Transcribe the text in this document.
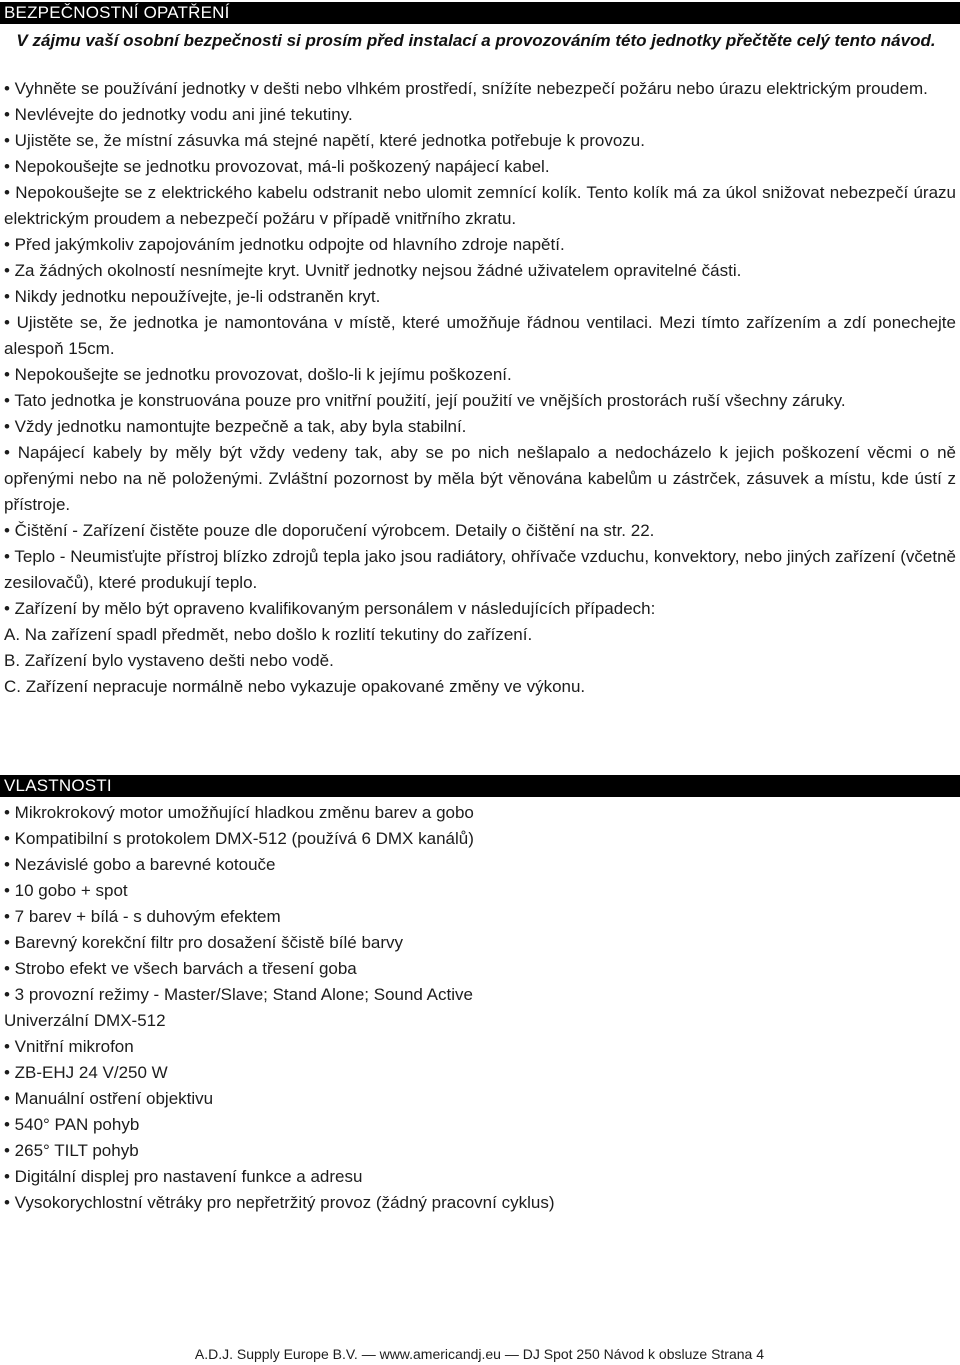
BEZPEČNOSTNÍ OPATŘENÍ
V zájmu vaší osobní bezpečnosti si prosím před instalací a provozováním této jednotky přečtěte celý tento návod.

• Vyhněte se používání jednotky v dešti nebo vlhkém prostředí, snížíte nebezpečí požáru nebo úrazu elektrickým proudem.

• Nevlévejte do jednotky vodu ani jiné tekutiny.

• Ujistěte se, že místní zásuvka má stejné napětí, které jednotka potřebuje k provozu.

• Nepokoušejte se jednotku provozovat, má-li poškozený napájecí kabel.

• Nepokoušejte se z elektrického kabelu odstranit nebo ulomit zemnící kolík. Tento kolík má za úkol snižovat nebezpečí úrazu elektrickým proudem a nebezpečí požáru v případě vnitřního zkratu.

• Před jakýmkoliv zapojováním jednotku odpojte od hlavního zdroje napětí.

• Za žádných okolností nesnímejte kryt. Uvnitř jednotky nejsou žádné uživatelem opravitelné části.

• Nikdy jednotku nepoužívejte, je-li odstraněn kryt.

• Ujistěte se, že jednotka je namontována v místě, které umožňuje řádnou ventilaci. Mezi tímto zařízením a zdí ponechejte alespoň 15cm.

• Nepokoušejte se jednotku provozovat, došlo-li k jejímu poškození.

• Tato jednotka je konstruována pouze pro vnitřní použití, její použití ve vnějších prostorách ruší všechny záruky.

• Vždy jednotku namontujte bezpečně a tak, aby byla stabilní.

• Napájecí kabely by měly být vždy vedeny tak, aby se po nich nešlapalo a nedocházelo k jejich poškození věcmi o ně opřenými nebo na ně položenými. Zvláštní pozornost by měla být věnována kabelům u zástrček, zásuvek a místu, kde ústí z přístroje.

• Čištění - Zařízení čistěte pouze dle doporučení výrobcem. Detaily o čištění na str. 22.

• Teplo - Neumisťujte přístroj blízko zdrojů tepla jako jsou radiátory, ohřívače vzduchu, konvektory, nebo jiných zařízení (včetně zesilovačů), které produkují teplo.

• Zařízení by mělo být opraveno kvalifikovaným personálem v následujících případech:

A. Na zařízení spadl předmět, nebo došlo k rozlití tekutiny do zařízení.

B. Zařízení bylo vystaveno dešti nebo vodě.

C. Zařízení nepracuje normálně nebo vykazuje opakované změny ve výkonu.

VLASTNOSTI

• Mikrokrokový motor umožňující hladkou změnu barev a gobo

• Kompatibilní s protokolem DMX-512 (používá 6 DMX kanálů)

• Nezávislé gobo a barevné kotouče

• 10 gobo + spot

• 7 barev + bílá - s duhovým efektem

• Barevný korekční filtr pro dosažení ščistě bílé barvy

• Strobo efekt ve všech barvách a třesení goba

• 3 provozní režimy - Master/Slave; Stand Alone; Sound Active

Univerzální DMX-512

• Vnitřní mikrofon

• ZB-EHJ 24 V/250 W

• Manuální ostření objektivu

• 540° PAN pohyb

• 265° TILT pohyb

• Digitální displej pro nastavení funkce a adresu

• Vysokorychlostní větráky pro nepřetržitý provoz (žádný pracovní cyklus)

A.D.J. Supply Europe B.V. — www.americandj.eu — DJ Spot 250 Návod k obsluze Strana 4
